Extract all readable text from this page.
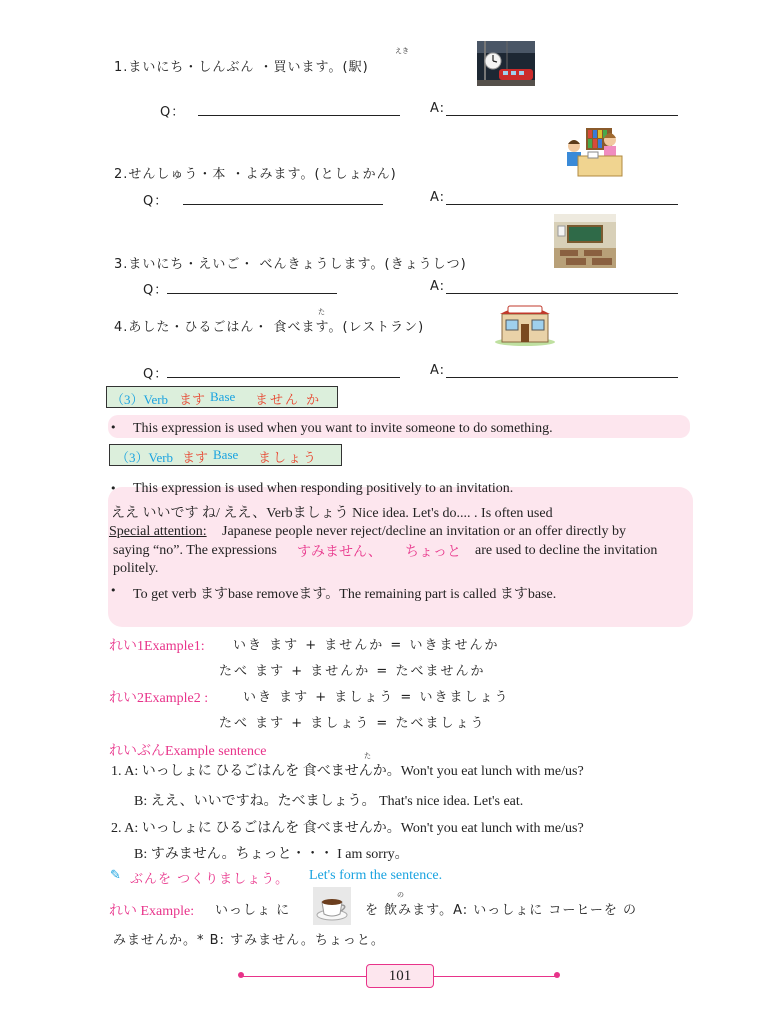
1.まいにち・しんぶん ・買います。(駅)
えき
Q：	A:
2.せんしゅう・本 ・よみます。(としょかん)
Q：	A:
3.まいにち・えいご・ べんきょうします。(きょうしつ)
Q：	A:
4.あした・ひるごはん・ 食べます。(レストラン)
た
Q：	A:
（3）Verb ます Base ません か
• This expression is used when you want to invite someone to do something.
（3）Verb ます Base ましょう
• This expression is used when responding positively to an invitation.
ええ いいです ね/ ええ、Verbましょう Nice idea. Let's do.... . Is often used
Special attention: Japanese people never reject/decline an invitation or an offer directly by
saying “no”. The expressions すみません、 ちょっと are used to decline the invitation
politely.
• To get verb ますbase removeます。The remaining part is called ますbase.
れい1Example1: いき ます + ませんか = いきませんか
たべ ます + ませんか = たべませんか
れい2Example2 :	いき ます + ましょう = いきましょう
たべ ます + ましょう = たべましょう
れいぶんExample sentence	た
1. A: いっしょに ひるごはんを 食べませんか。Won't you eat lunch with me/us?
B: ええ、いいですね。たべましょう。 That's nice idea. Let's eat.
2. A: いっしょに ひるごはんを 食べませんか。Won't you eat lunch with me/us?
B: すみません。ちょっと・・・ I am sorry。
✎ ぶんを つくりましょう。 Let's form the sentence.
れい Example: いっしょ に
の
を 飲みます。A: いっしょに コーヒーを の
みませんか。* B: すみません。ちょっと。
101
